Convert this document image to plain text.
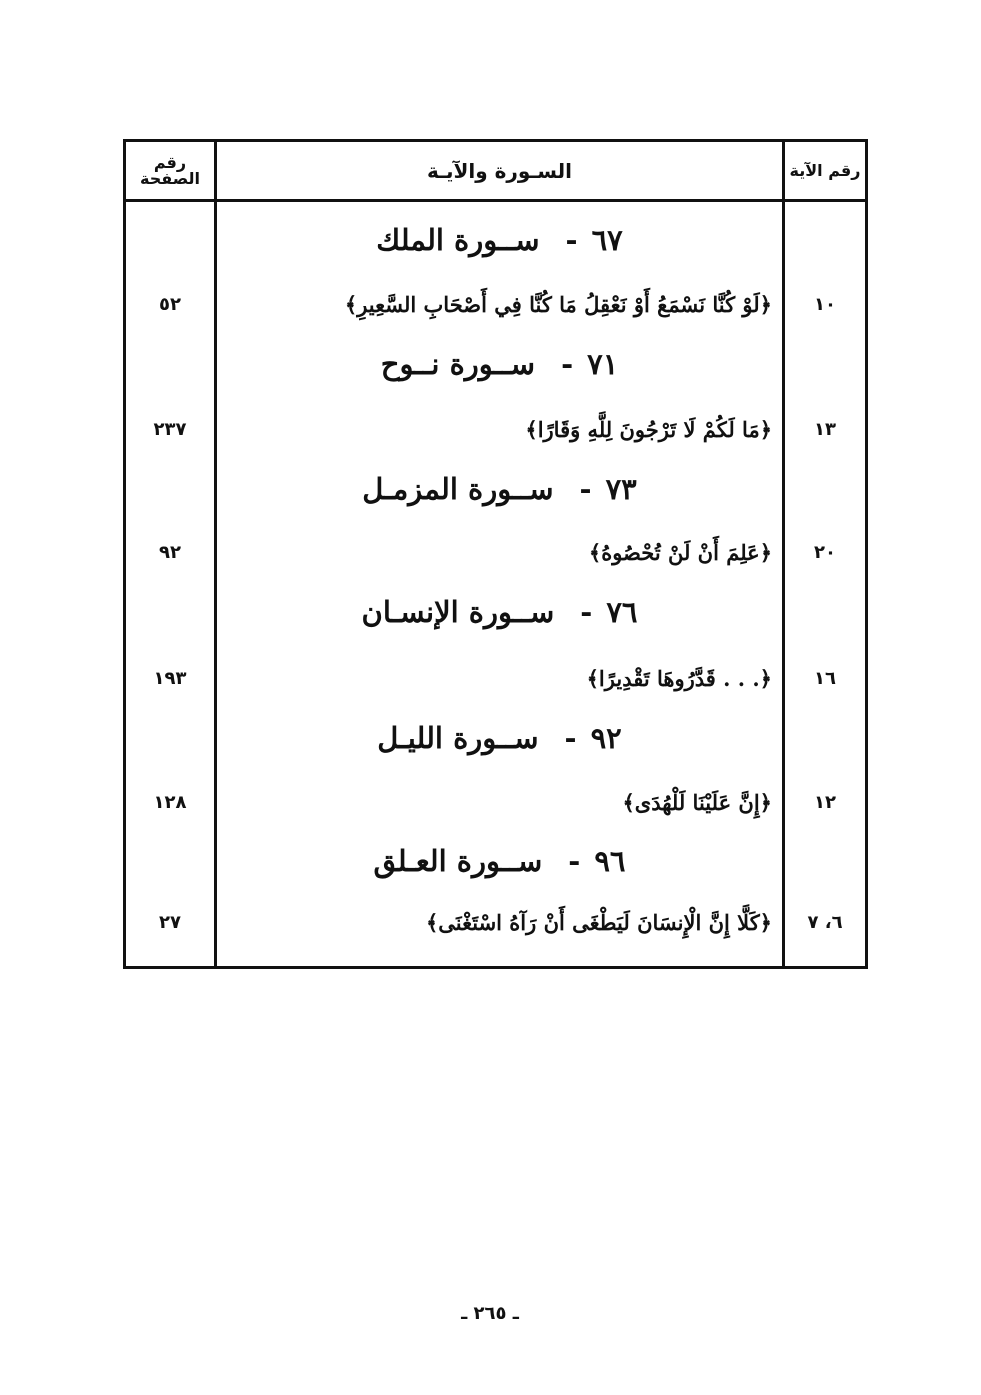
رقم الآية
السـورة والآيـة
رقم الصفحة
٦٧
-
ســورة الملك
١٠
﴿لَوْ كُنَّا نَسْمَعُ أَوْ نَعْقِلُ مَا كُنَّا فِي أَصْحَابِ السَّعِيرِ﴾
٥٢
٧١
-
ســورة نــوح
١٣
﴿مَا لَكُمْ لَا تَرْجُونَ لِلَّهِ وَقَارًا﴾
٢٣٧
٧٣
-
ســورة المزمـل
٢٠
﴿عَلِمَ أَنْ لَنْ تُحْصُوهُ﴾
٩٢
٧٦
-
ســورة الإنسـان
١٦
﴿. . . قَدَّرُوهَا تَقْدِيرًا﴾
١٩٣
٩٢
-
ســورة الليـل
١٢
﴿إِنَّ عَلَيْنَا لَلْهُدَى﴾
١٢٨
٩٦
-
ســورة العـلق
٦، ٧
﴿كَلَّا إِنَّ الْإِنسَانَ لَيَطْغَى أَنْ رَآهُ اسْتَغْنَى﴾
٢٧
ـ ٢٦٥ ـ
